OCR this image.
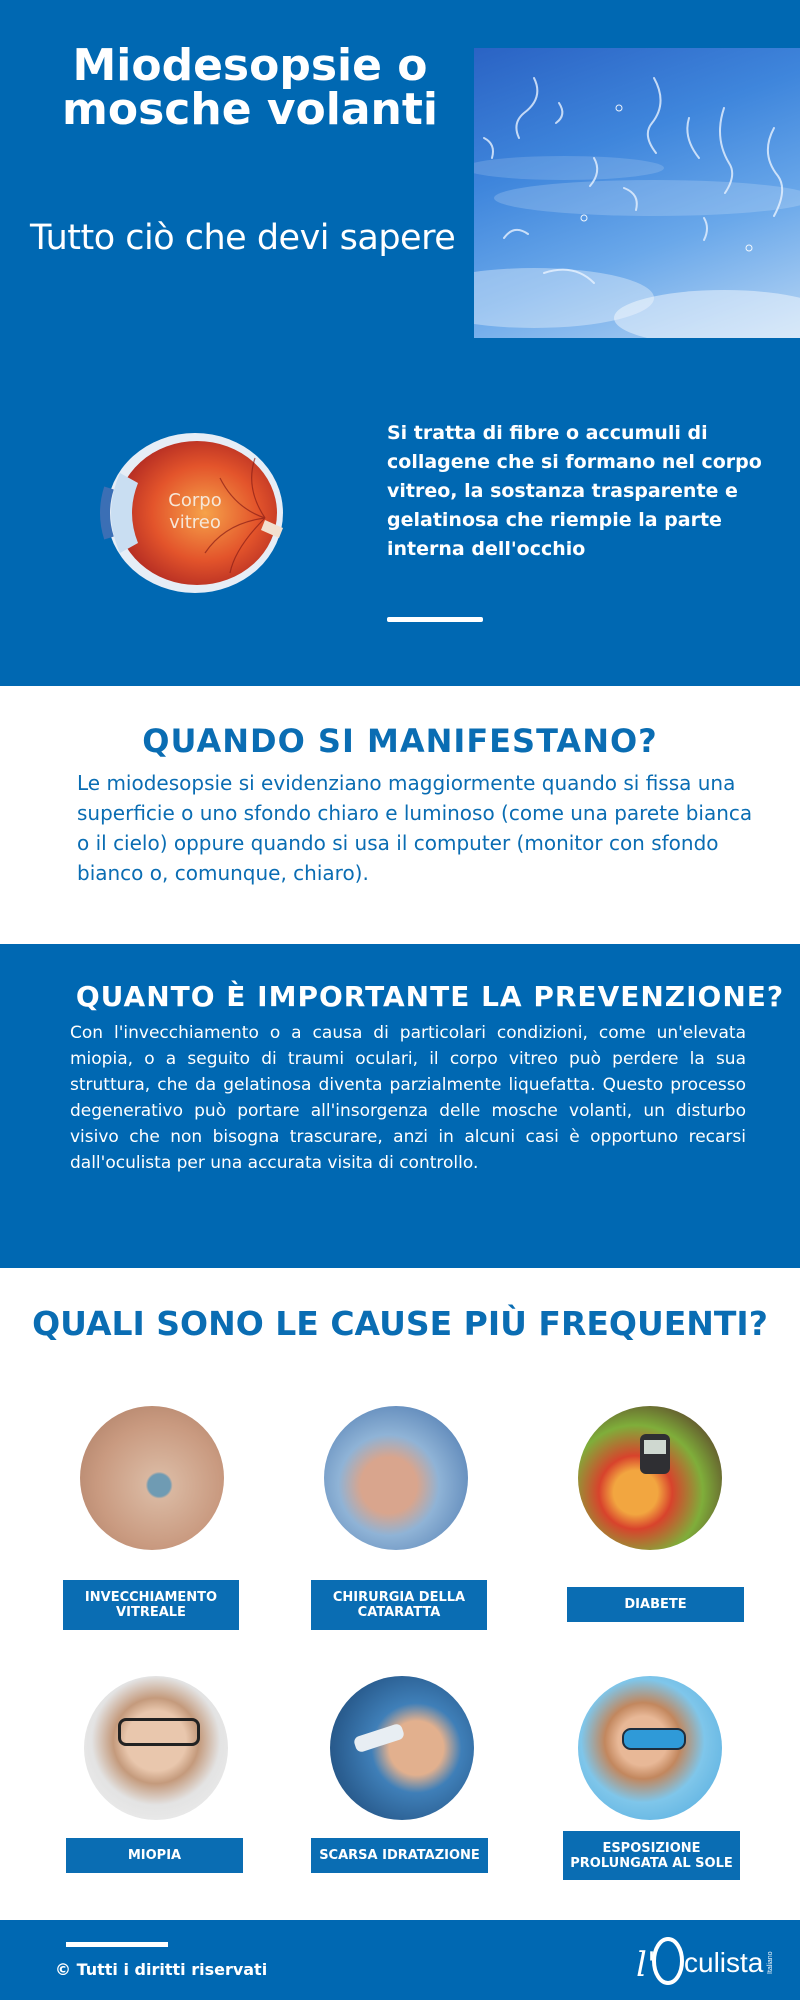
Miodesopsie o mosche volanti
Tutto ciò che devi sapere
Corpo vitreo

Si tratta di fibre o accumuli di collagene che si formano nel corpo vitreo, la sostanza trasparente e gelatinosa che riempie la parte interna dell'occhio

QUANDO SI MANIFESTANO?

Le miodesopsie si evidenziano maggiormente quando si fissa una superficie o uno sfondo chiaro e luminoso (come una parete bianca o il cielo) oppure quando si usa il computer (monitor con sfondo bianco o, comunque, chiaro).

QUANTO È IMPORTANTE LA PREVENZIONE?

Con l'invecchiamento o a causa di particolari condizioni, come un'elevata miopia, o a seguito di traumi oculari, il corpo vitreo può perdere la sua struttura, che da gelatinosa diventa parzialmente liquefatta. Questo processo degenerativo può portare all'insorgenza delle mosche volanti, un disturbo visivo che non bisogna trascurare, anzi in alcuni casi è opportuno recarsi dall'oculista per una accurata visita di controllo.

QUALI SONO LE CAUSE PIÙ FREQUENTI?
INVECCHIAMENTO
VITREALE
CHIRURGIA DELLA
CATARATTA
DIABETE
MIOPIA	SCARSA IDRATAZIONE	ESPOSIZIONE
PROLUNGATA AL SOLE
© Tutti i diritti riservati	l' culista Italiano
